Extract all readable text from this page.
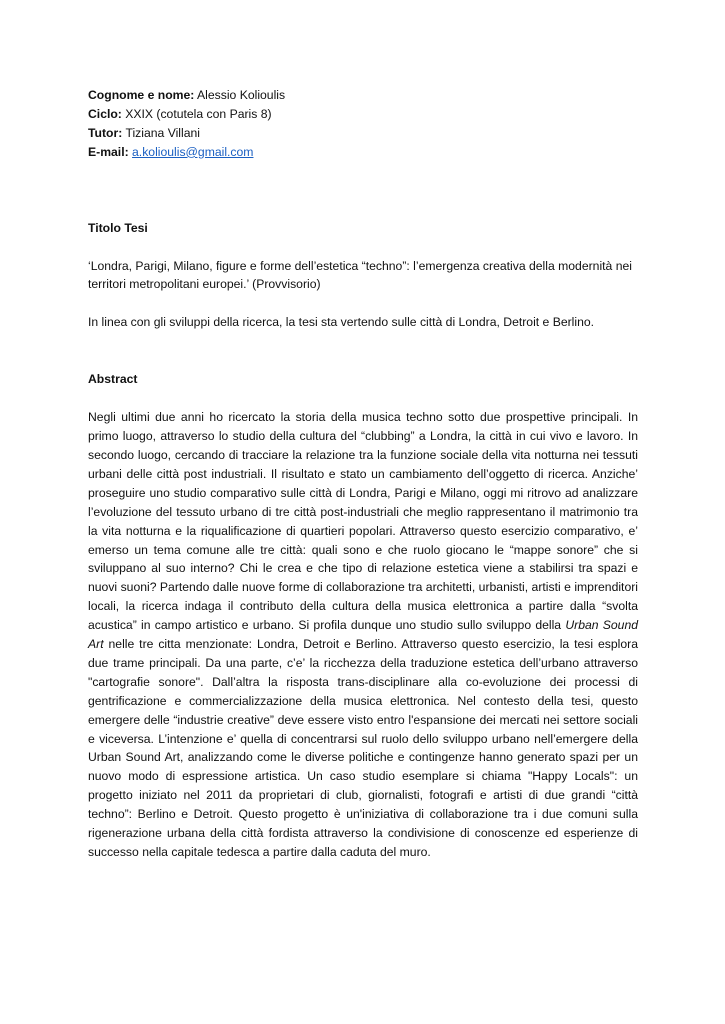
Cognome e nome: Alessio Kolioulis

Ciclo: XXIX (cotutela con Paris 8)

Tutor: Tiziana Villani

E-mail: a.kolioulis@gmail.com

Titolo Tesi

‘Londra, Parigi, Milano, figure e forme dell’estetica “techno”: l’emergenza creativa della modernità nei territori metropolitani europei.’ (Provvisorio)

In linea con gli sviluppi della ricerca, la tesi sta vertendo sulle città di Londra, Detroit e Berlino.

Abstract

Negli ultimi due anni ho ricercato la storia della musica techno sotto due prospettive principali. In primo luogo, attraverso lo studio della cultura del “clubbing” a Londra, la città in cui vivo e lavoro. In secondo luogo, cercando di tracciare la relazione tra la funzione sociale della vita notturna nei tessuti urbani delle città post industriali. Il risultato e stato un cambiamento dell’oggetto di ricerca. Anziche’ proseguire uno studio comparativo sulle città di Londra, Parigi e Milano, oggi mi ritrovo ad analizzare l’evoluzione del tessuto urbano di tre città post-industriali che meglio rappresentano il matrimonio tra la vita notturna e la riqualificazione di quartieri popolari. Attraverso questo esercizio comparativo, e’ emerso un tema comune alle tre città: quali sono e che ruolo giocano le “mappe sonore” che si sviluppano al suo interno? Chi le crea e che tipo di relazione estetica viene a stabilirsi tra spazi e nuovi suoni? Partendo dalle nuove forme di collaborazione tra architetti, urbanisti, artisti e imprenditori locali, la ricerca indaga il contributo della cultura della musica elettronica a partire dalla “svolta acustica” in campo artistico e urbano. Si profila dunque uno studio sullo sviluppo della Urban Sound Art nelle tre citta menzionate: Londra, Detroit e Berlino. Attraverso questo esercizio, la tesi esplora due trame principali. Da una parte, c’e’ la ricchezza della traduzione estetica dell’urbano attraverso "cartografie sonore". Dall’altra la risposta trans-disciplinare alla co-evoluzione dei processi di gentrificazione e commercializzazione della musica elettronica. Nel contesto della tesi, questo emergere delle “industrie creative” deve essere visto entro l'espansione dei mercati nei settore sociali e viceversa. L’intenzione e’ quella di concentrarsi sul ruolo dello sviluppo urbano nell’emergere della Urban Sound Art, analizzando come le diverse politiche e contingenze hanno generato spazi per un nuovo modo di espressione artistica. Un caso studio esemplare si chiama "Happy Locals": un progetto iniziato nel 2011 da proprietari di club, giornalisti, fotografi e artisti di due grandi “città techno”: Berlino e Detroit. Questo progetto è un'iniziativa di collaborazione tra i due comuni sulla rigenerazione urbana della città fordista attraverso la condivisione di conoscenze ed esperienze di successo nella capitale tedesca a partire dalla caduta del muro.
